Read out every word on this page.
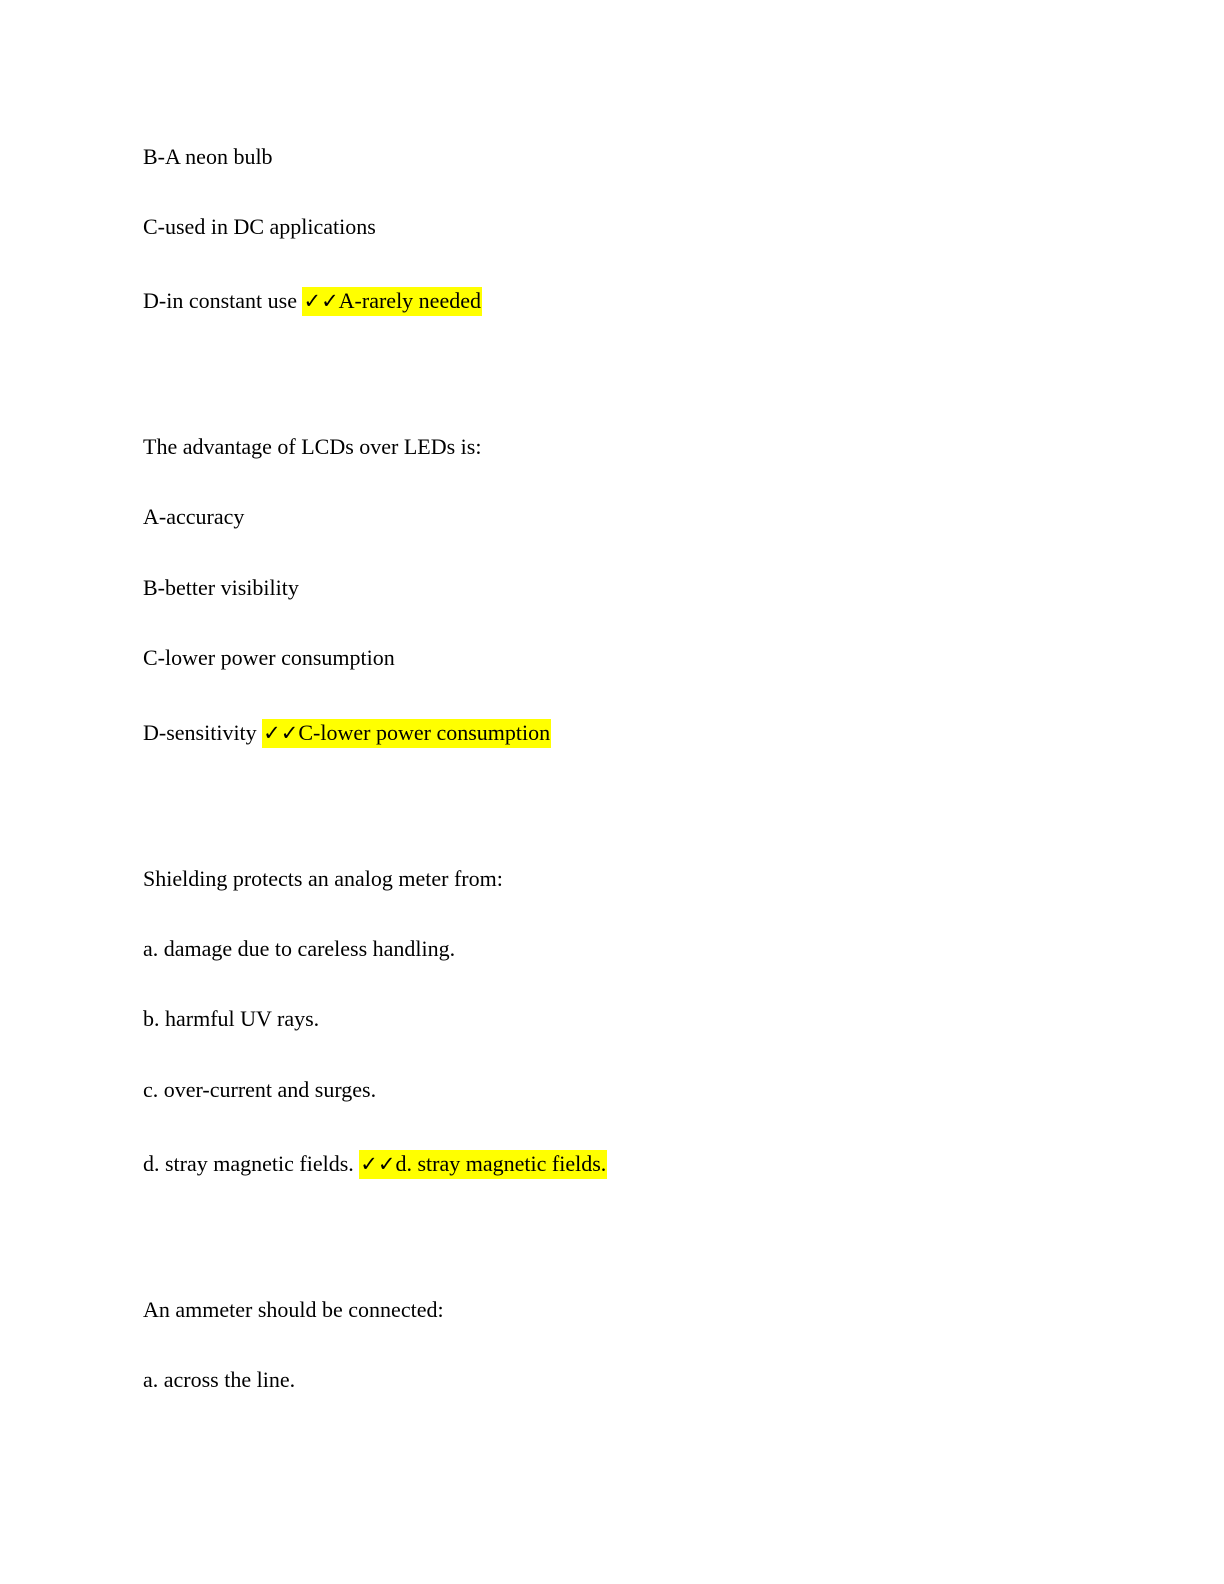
B-A neon bulb
C-used in DC applications
D-in constant use ✓✓A-rarely needed
The advantage of LCDs over LEDs is:
A-accuracy
B-better visibility
C-lower power consumption
D-sensitivity ✓✓C-lower power consumption
Shielding protects an analog meter from:
a. damage due to careless handling.
b. harmful UV rays.
c. over-current and surges.
d. stray magnetic fields. ✓✓d. stray magnetic fields.
An ammeter should be connected:
a. across the line.
